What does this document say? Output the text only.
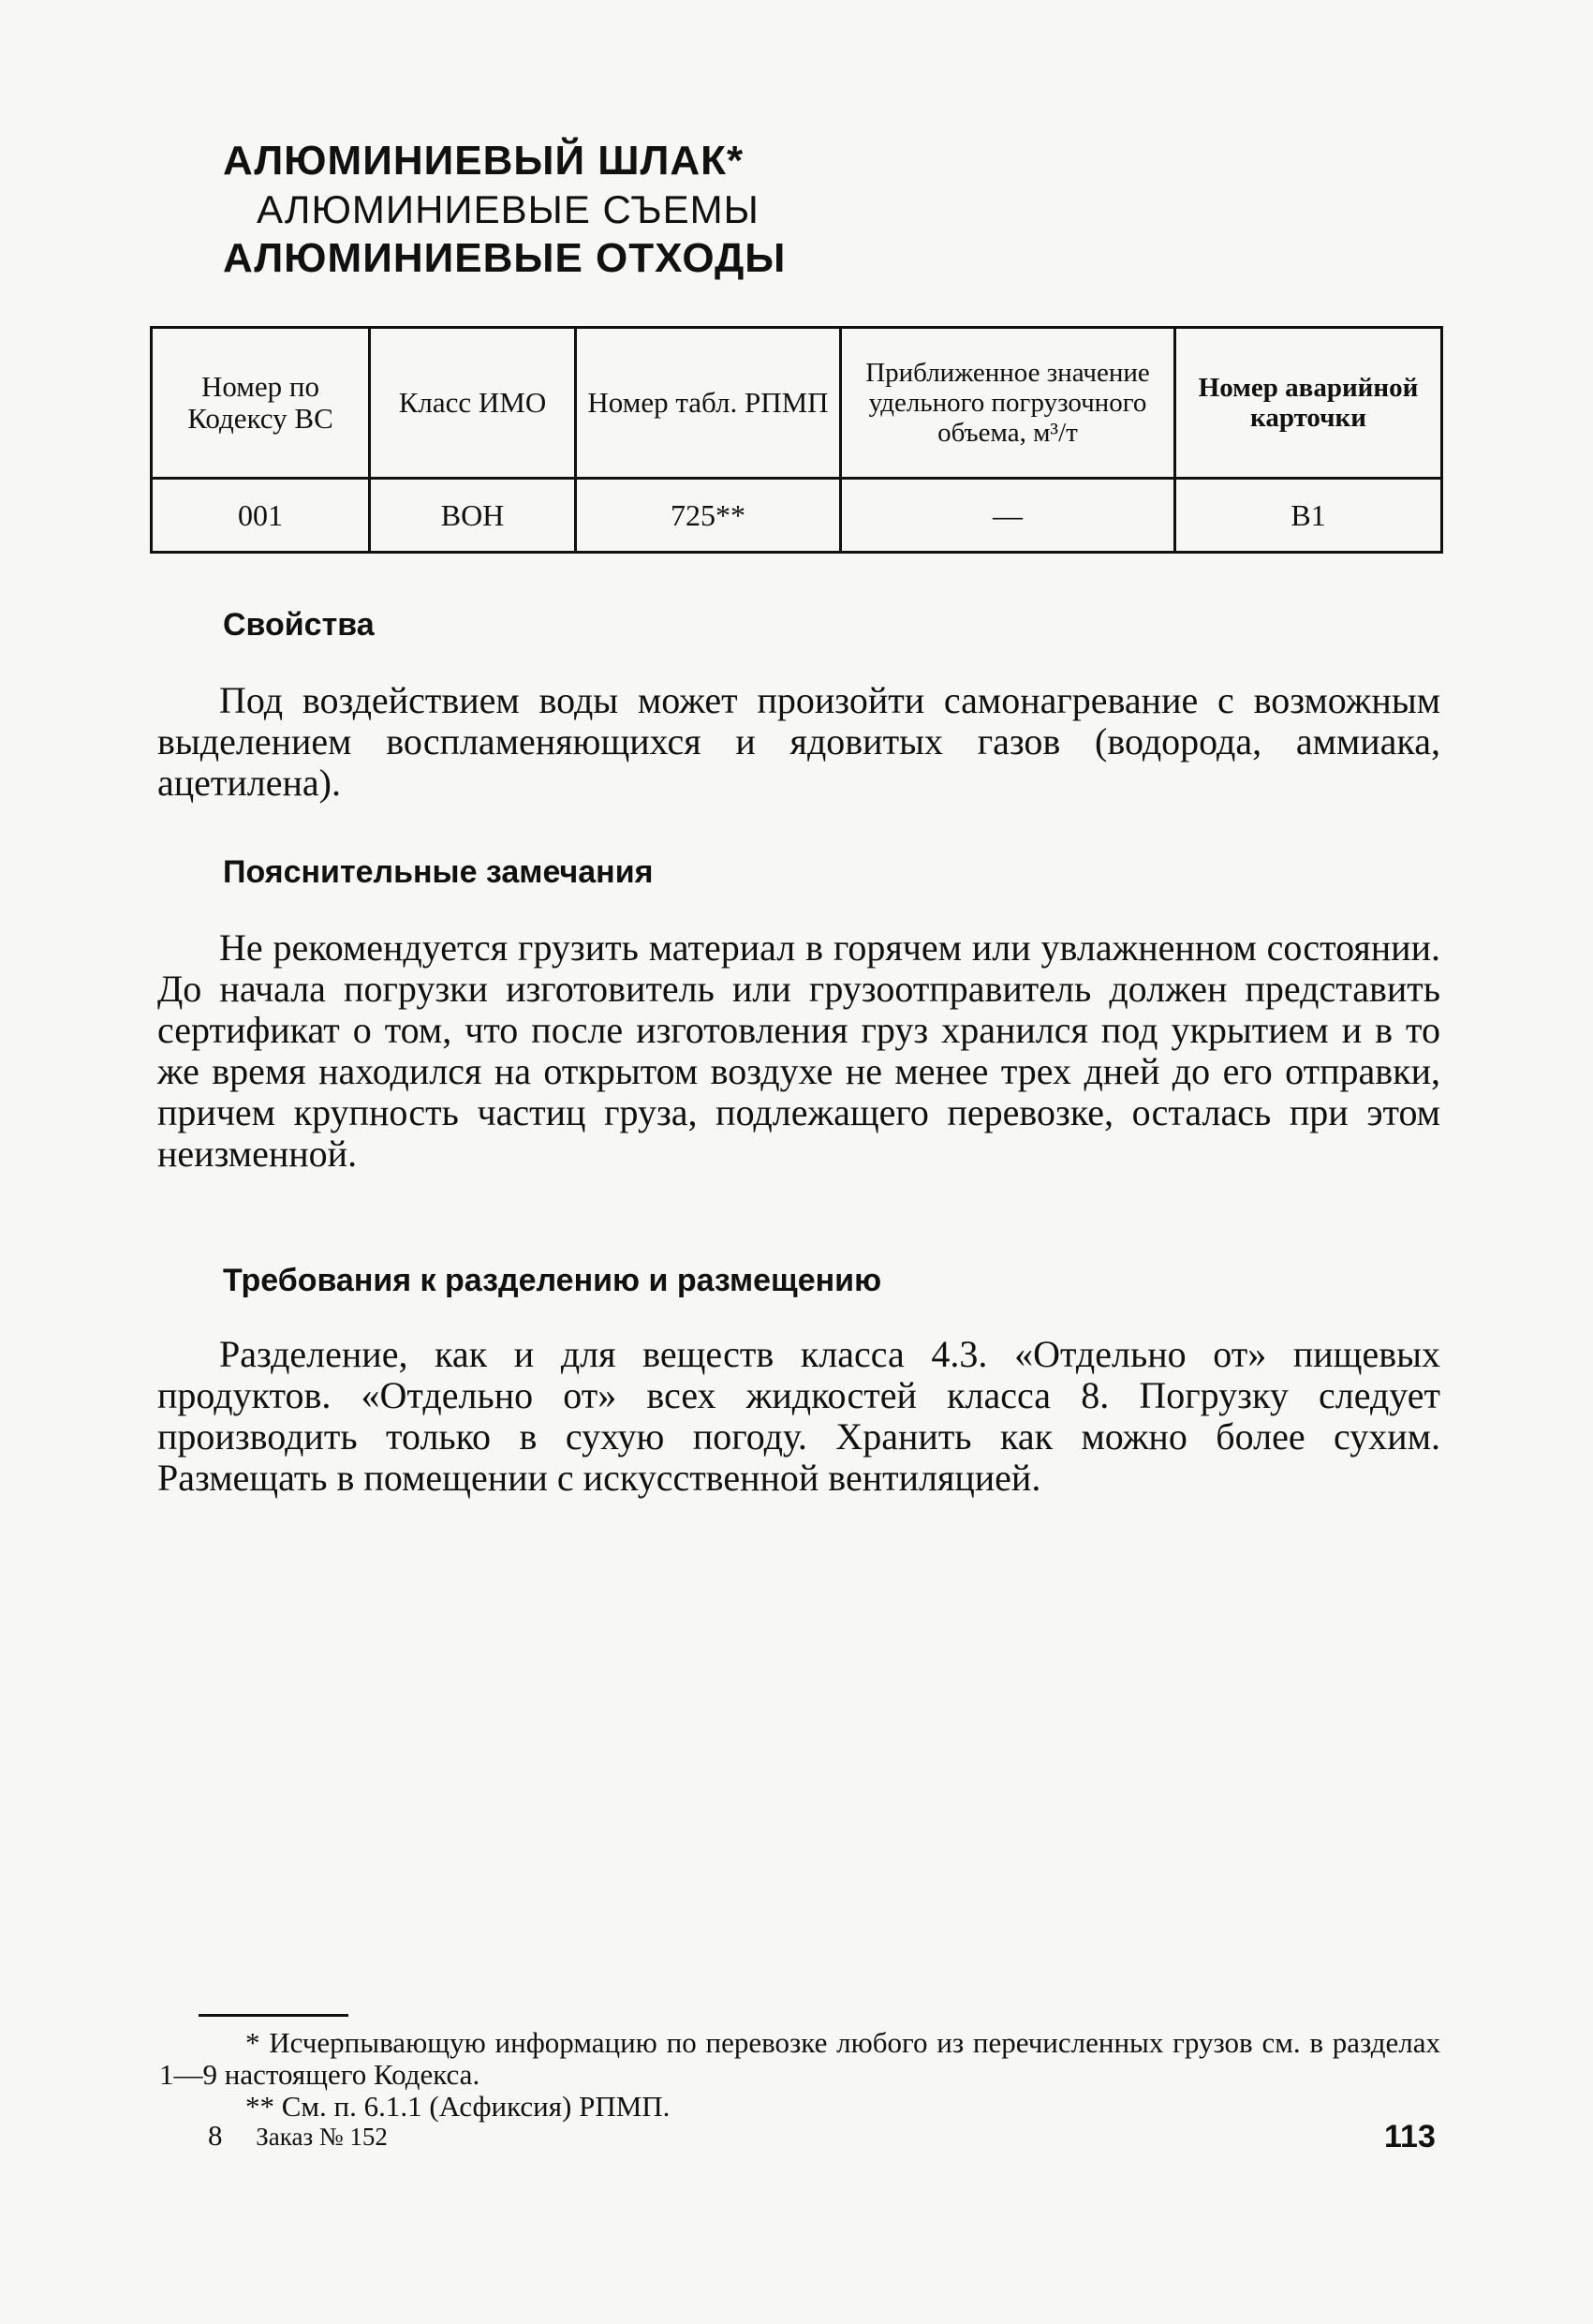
АЛЮМИНИЕВЫЙ ШЛАК*
АЛЮМИНИЕВЫЕ СЪЕМЫ
АЛЮМИНИЕВЫЕ ОТХОДЫ
Номер по Кодексу ВС	Класс ИМО	Номер табл. РПМП	Приближенное значение удельного погрузочного объема, м³/т	Номер аварийной карточки
001	ВОН	725**	—	В1
Свойства

Под воздействием воды может произойти самонагревание с возможным выделением воспламеняющихся и ядовитых газов (водорода, аммиака, ацетилена).

Пояснительные замечания

Не рекомендуется грузить материал в горячем или увлажненном состоянии. До начала погрузки изготовитель или грузоотправитель должен представить сертификат о том, что после изготовления груз хранился под укрытием и в то же время находился на открытом воздухе не менее трех дней до его отправки, причем крупность частиц груза, подлежащего перевозке, осталась при этом неизменной.

Требования к разделению и размещению

Разделение, как и для веществ класса 4.3. «Отдельно от» пищевых продуктов. «Отдельно от» всех жидкостей класса 8. Погрузку следует производить только в сухую погоду. Хранить как можно более сухим. Размещать в помещении с искусственной вентиляцией.

* Исчерпывающую информацию по перевозке любого из перечисленных грузов см. в разделах 1—9 настоящего Кодекса.

** См. п. 6.1.1 (Асфиксия) РПМП.

8 Заказ № 152	113
